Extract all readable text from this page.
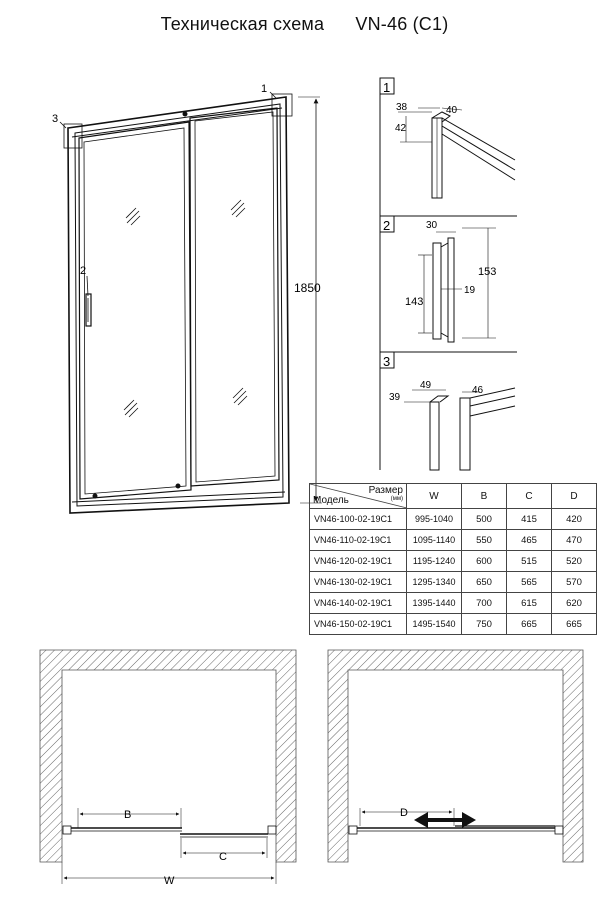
Техническая схема VN-46 (C1)
3
1
2
1850
1
2
3
38	40
42
30
153
143
19
49	46
39
B
C
W
D
Размер
(мм)
Модель	W	B	C	D
VN46-100-02-19C1	995-1040	500	415	420
VN46-110-02-19C1	1095-1140	550	465	470
VN46-120-02-19C1	1195-1240	600	515	520
VN46-130-02-19C1	1295-1340	650	565	570
VN46-140-02-19C1	1395-1440	700	615	620
VN46-150-02-19C1	1495-1540	750	665	665
